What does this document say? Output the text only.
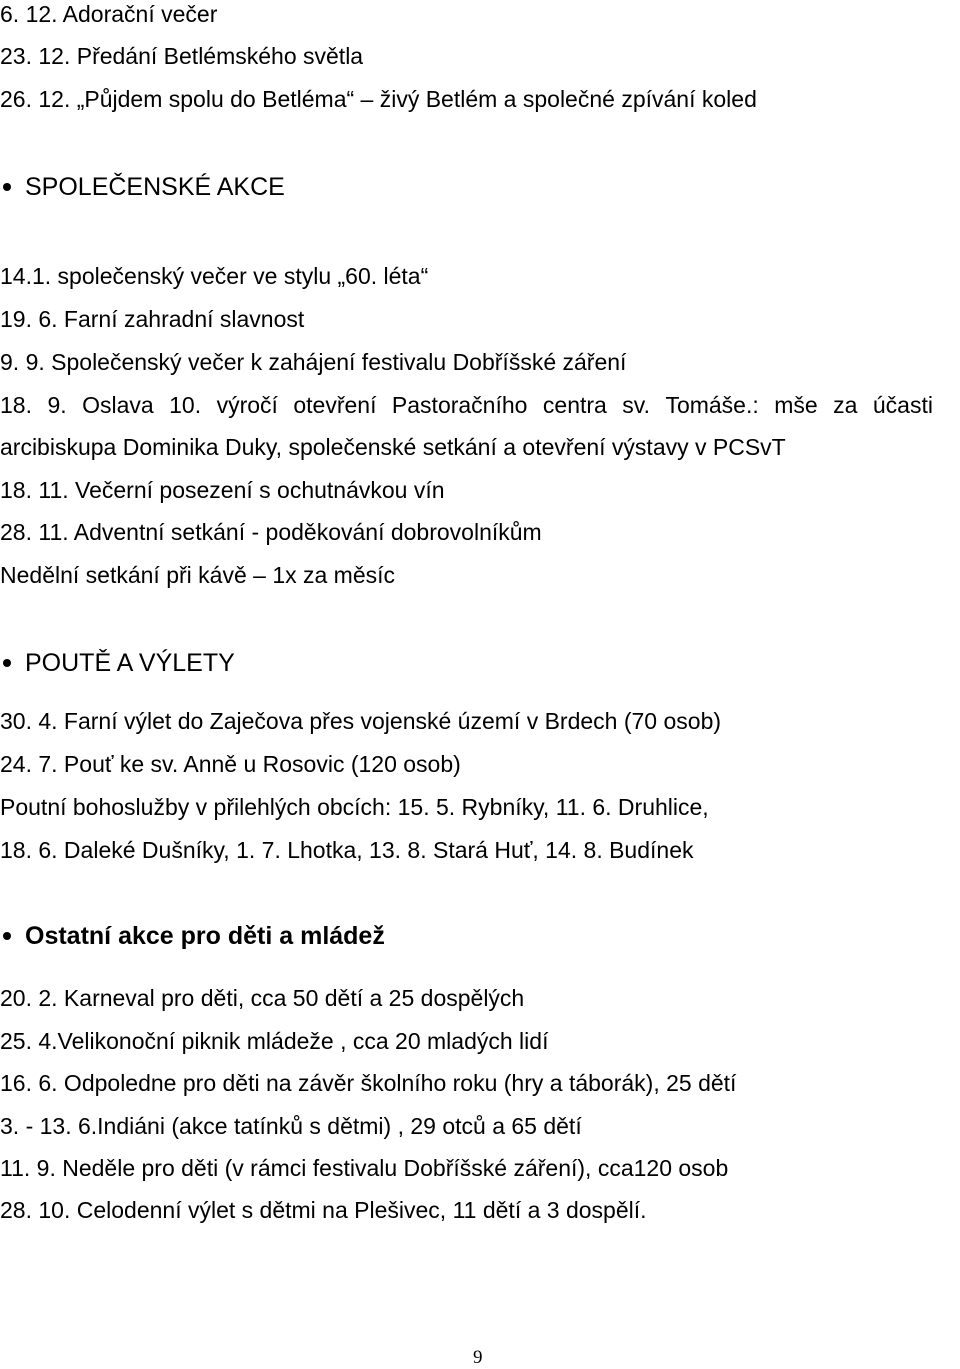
6. 12. Adorační večer
23. 12. Předání Betlémského světla
26. 12. „Půjdem spolu do Betléma“ – živý Betlém a společné zpívání koled
SPOLEČENSKÉ AKCE
14.1. společenský večer ve stylu „60. léta“
19. 6. Farní zahradní slavnost
9. 9. Společenský večer k zahájení festivalu Dobříšské záření
18. 9. Oslava 10. výročí otevření Pastoračního centra sv. Tomáše.: mše za účasti
arcibiskupa Dominika Duky, společenské setkání a otevření výstavy v PCSvT
18. 11. Večerní posezení s ochutnávkou vín
28. 11. Adventní setkání - poděkování dobrovolníkům
Nedělní setkání při kávě – 1x za měsíc
POUTĚ A VÝLETY
30. 4. Farní výlet do Zaječova přes vojenské území v Brdech (70 osob)
24. 7. Pouť ke sv. Anně u Rosovic (120 osob)
Poutní bohoslužby v přilehlých obcích: 15. 5. Rybníky, 11. 6. Druhlice,
18. 6. Daleké Dušníky, 1. 7. Lhotka, 13. 8. Stará Huť, 14. 8. Budínek
Ostatní akce pro děti a mládež
20. 2. Karneval pro děti, cca 50 dětí a 25 dospělých
25. 4.Velikonoční piknik mládeže , cca 20 mladých lidí
16. 6. Odpoledne pro děti na závěr školního roku (hry a táborák), 25 dětí
3. - 13. 6.Indiáni (akce tatínků s dětmi) , 29 otců a 65 dětí
11. 9. Neděle pro děti (v rámci festivalu Dobříšské záření), cca120 osob
28. 10. Celodenní výlet s dětmi na Plešivec, 11 dětí a 3 dospělí.
9
